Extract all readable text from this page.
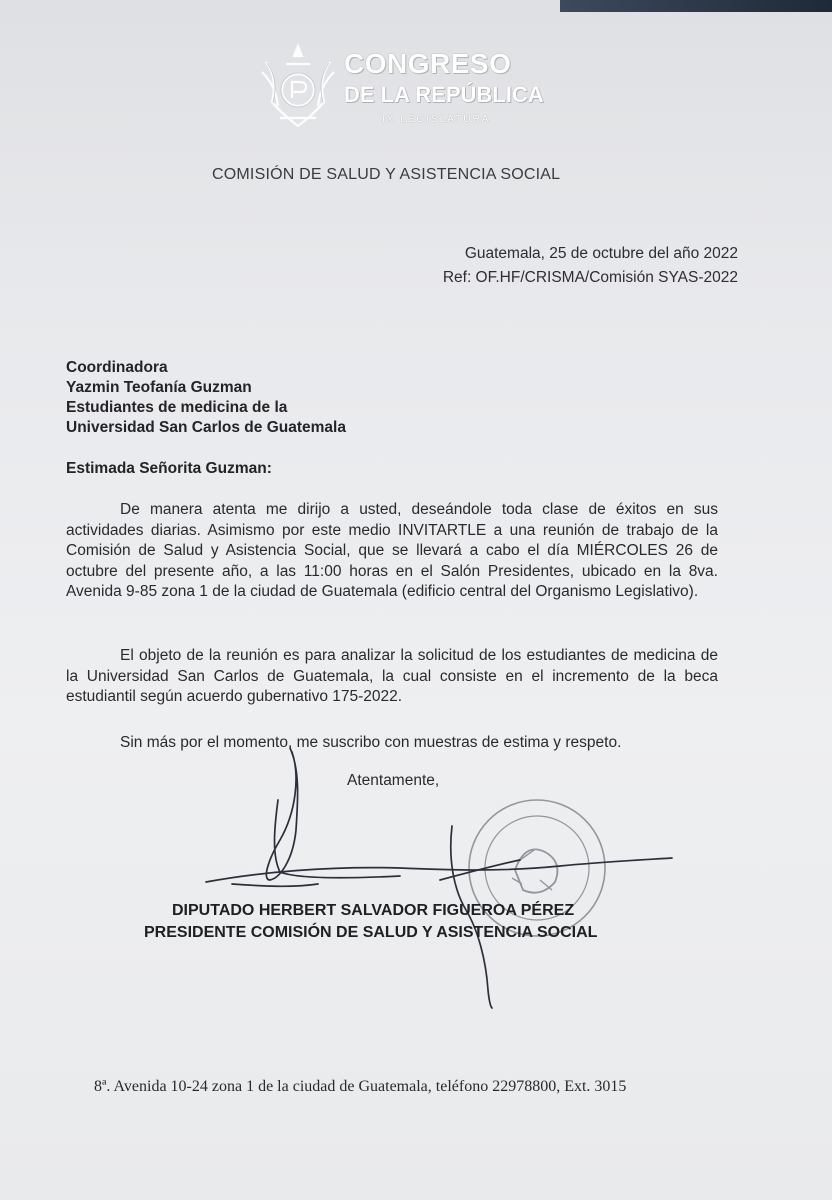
CONGRESO
DE LA REPÚBLICA
IX LEGISLATURA
COMISIÓN DE SALUD Y ASISTENCIA SOCIAL
Guatemala, 25 de octubre del año 2022
Ref: OF.HF/CRISMA/Comisión SYAS-2022
Coordinadora
Yazmin Teofanía Guzman
Estudiantes de medicina de la
Universidad San Carlos de Guatemala
Estimada Señorita Guzman:
De manera atenta me dirijo a usted, deseándole toda clase de éxitos en sus actividades diarias. Asimismo por este medio INVITARTLE a una reunión de trabajo de la Comisión de Salud y Asistencia Social, que se llevará a cabo el día MIÉRCOLES 26 de octubre del presente año, a las 11:00 horas en el Salón Presidentes, ubicado en la 8va. Avenida 9-85 zona 1 de la ciudad de Guatemala (edificio central del Organismo Legislativo).
El objeto de la reunión es para analizar la solicitud de los estudiantes de medicina de la Universidad San Carlos de Guatemala, la cual consiste en el incremento de la beca estudiantil según acuerdo gubernativo 175-2022.
Sin más por el momento, me suscribo con muestras de estima y respeto.
Atentamente,
DIPUTADO HERBERT SALVADOR FIGUEROA PÉREZ
PRESIDENTE COMISIÓN DE SALUD Y ASISTENCIA SOCIAL
8ª. Avenida 10-24 zona 1 de la ciudad de Guatemala, teléfono 22978800, Ext. 3015
